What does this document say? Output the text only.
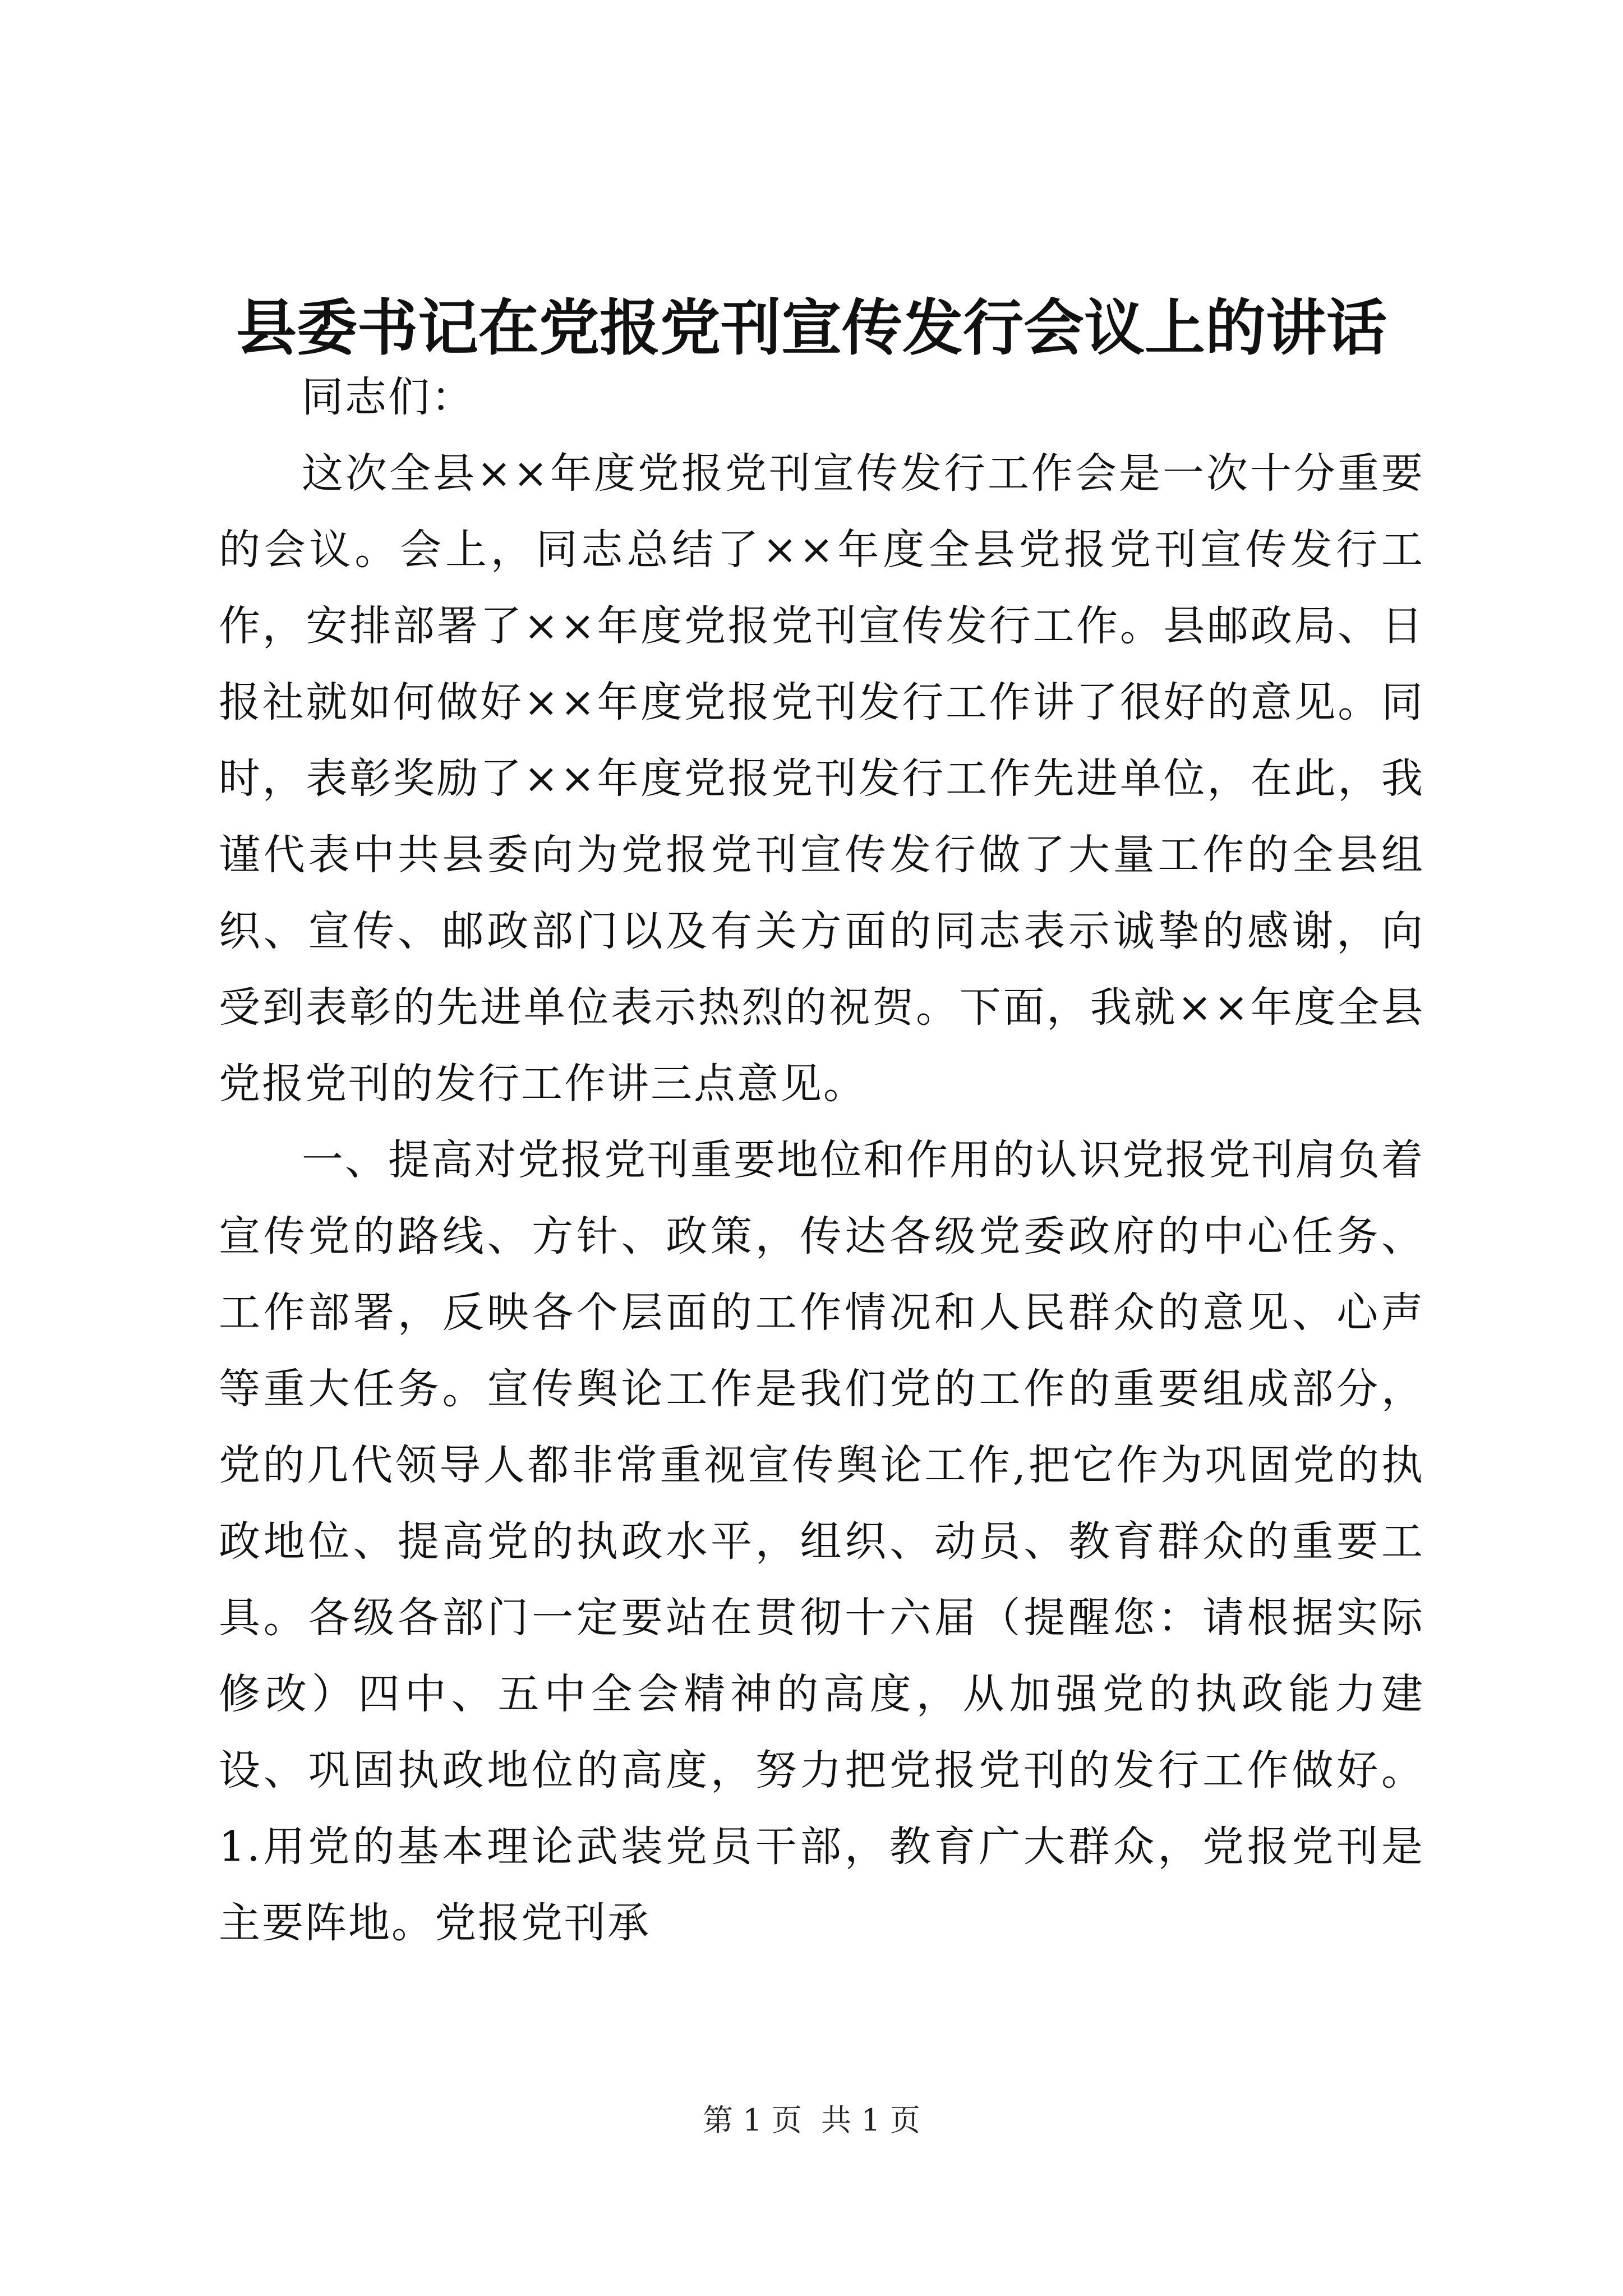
县委书记在党报党刊宣传发行会议上的讲话

同志们：

这次全县××年度党报党刊宣传发行工作会是一次十分重要的会议。会上，同志总结了××年度全县党报党刊宣传发行工作，安排部署了××年度党报党刊宣传发行工作。县邮政局、日报社就如何做好××年度党报党刊发行工作讲了很好的意见。同时，表彰奖励了××年度党报党刊发行工作先进单位，在此，我谨代表中共县委向为党报党刊宣传发行做了大量工作的全县组织、宣传、邮政部门以及有关方面的同志表示诚挚的感谢，向受到表彰的先进单位表示热烈的祝贺。下面，我就××年度全县党报党刊的发行工作讲三点意见。

一、提高对党报党刊重要地位和作用的认识党报党刊肩负着宣传党的路线、方针、政策，传达各级党委政府的中心任务、工作部署，反映各个层面的工作情况和人民群众的意见、心声等重大任务。宣传舆论工作是我们党的工作的重要组成部分，党的几代领导人都非常重视宣传舆论工作,把它作为巩固党的执政地位、提高党的执政水平，组织、动员、教育群众的重要工具。各级各部门一定要站在贯彻十六届（提醒您：请根据实际修改）四中、五中全会精神的高度，从加强党的执政能力建设、巩固执政地位的高度，努力把党报党刊的发行工作做好。1.用党的基本理论武装党员干部，教育广大群众，党报党刊是主要阵地。党报党刊承

第 1 页  共 1 页
